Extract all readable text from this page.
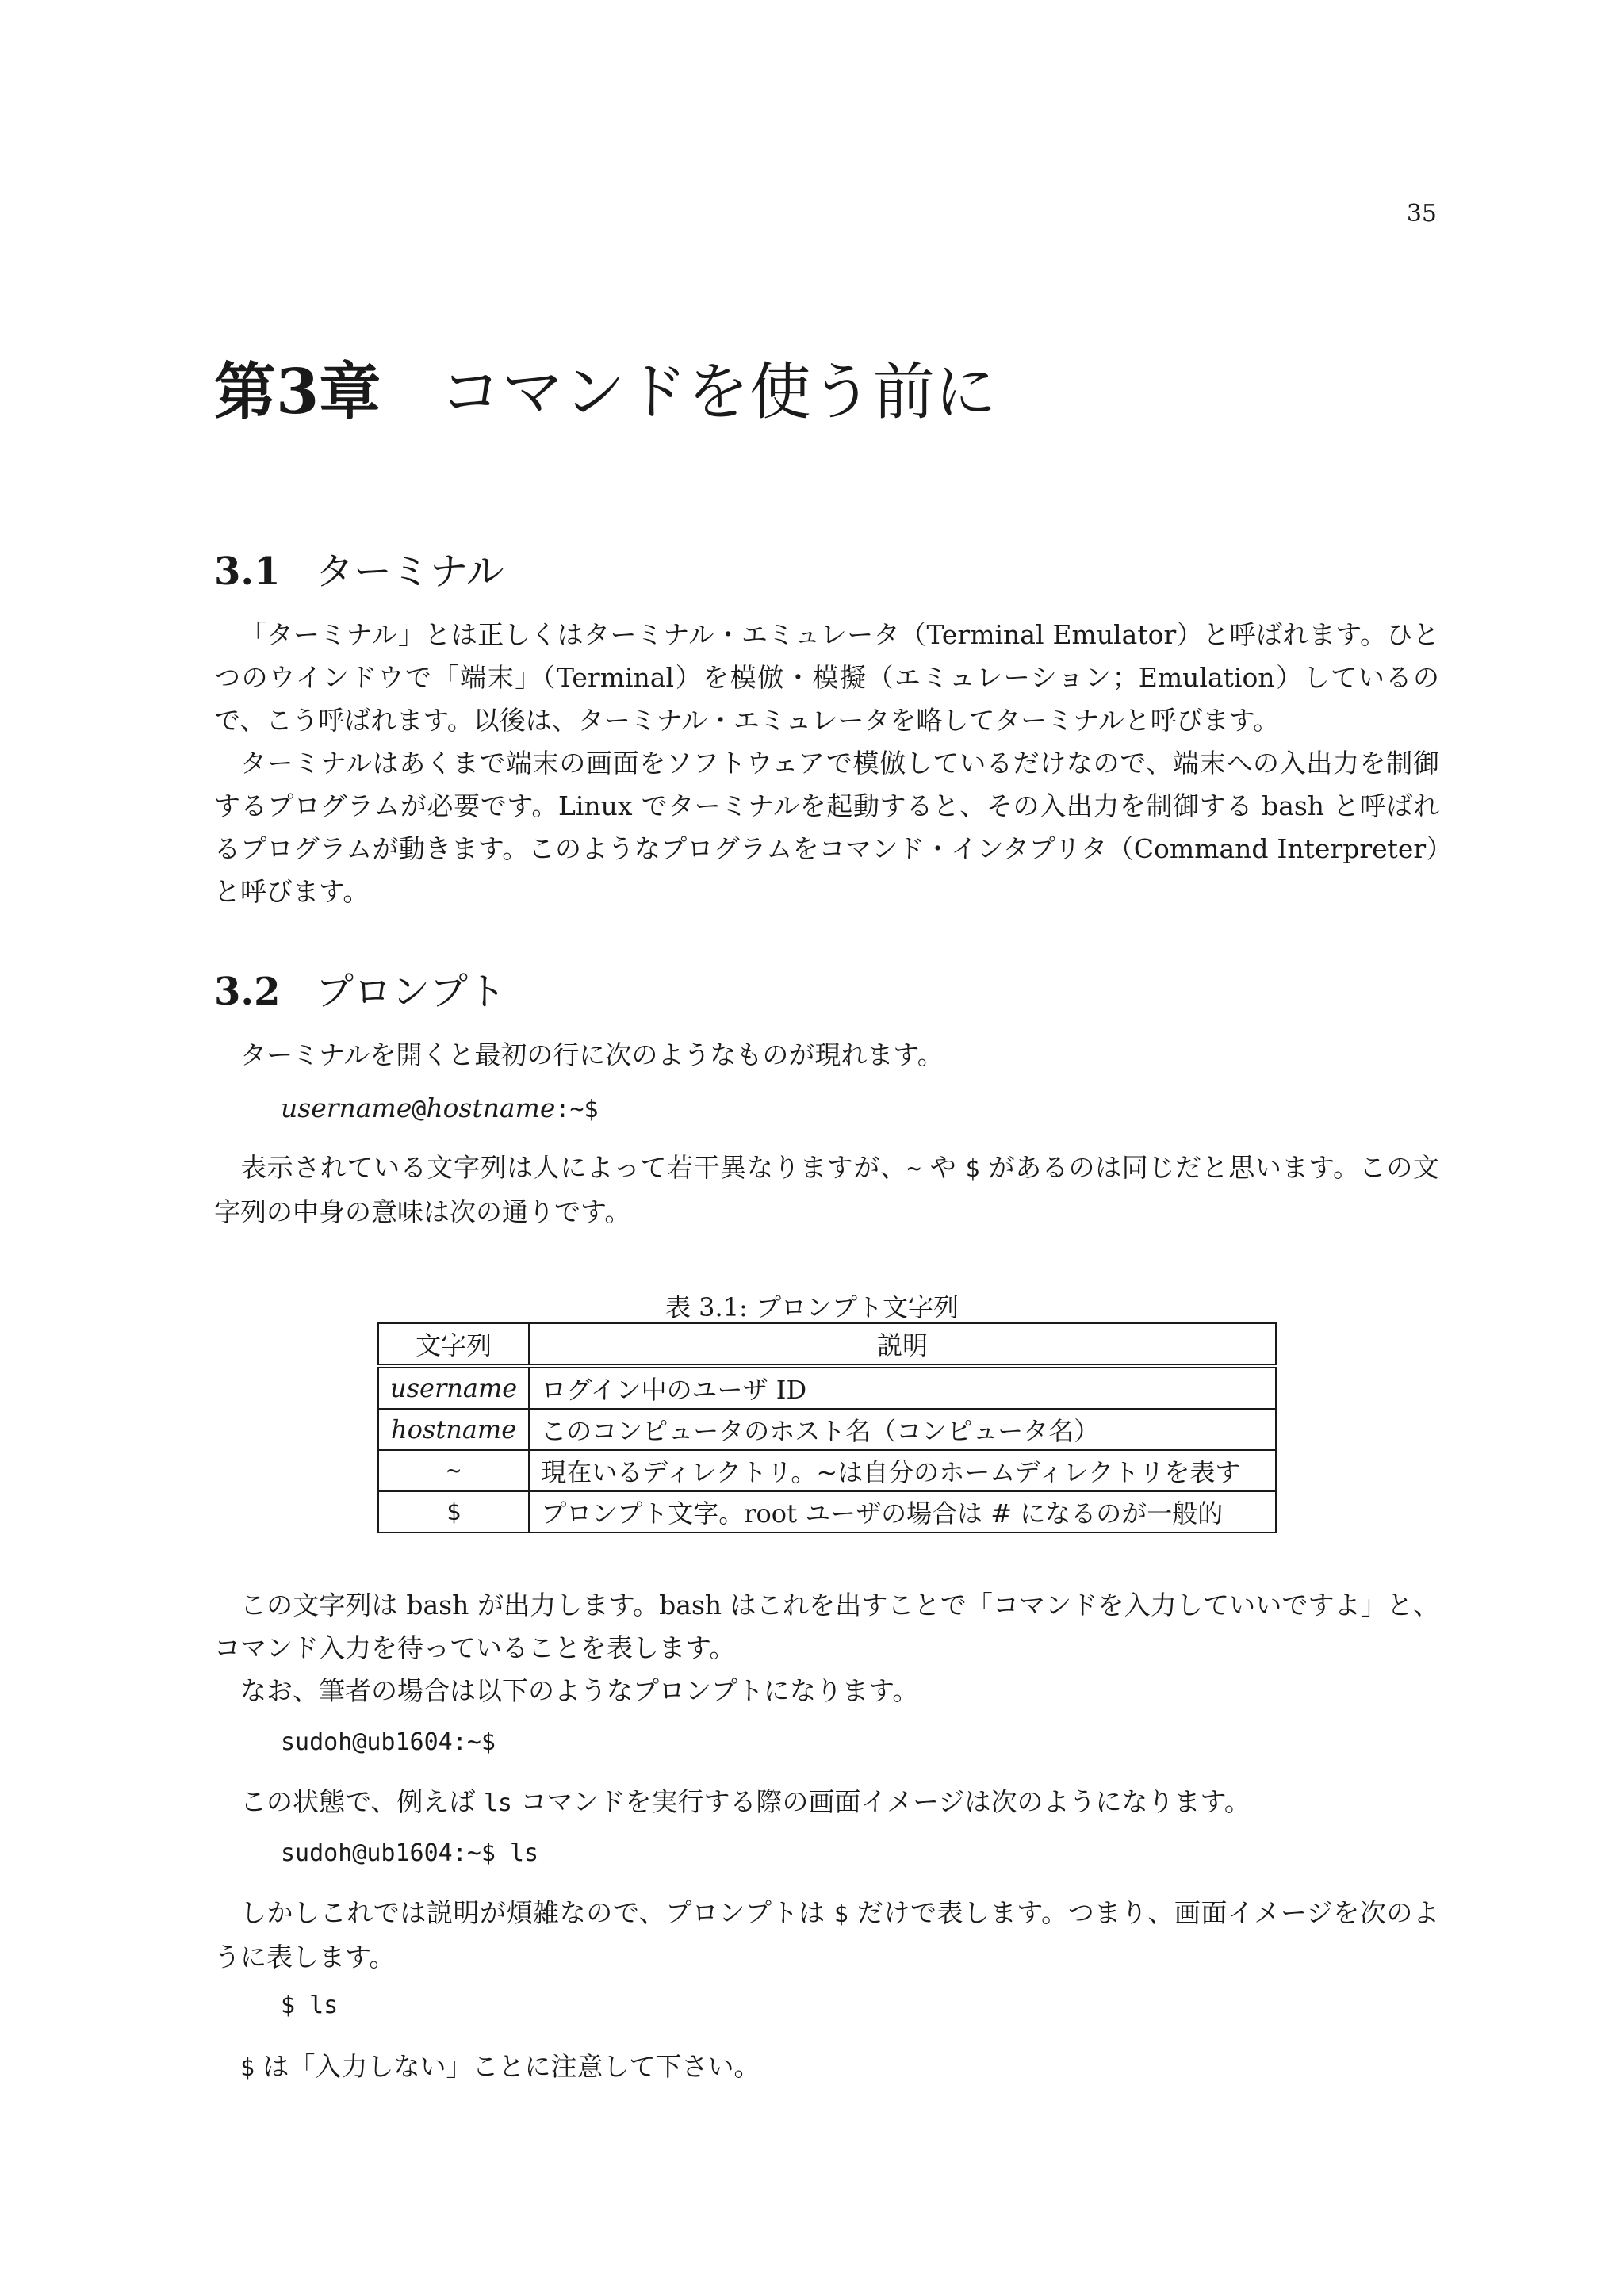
35
第3章 コマンドを使う前に
3.1 ターミナル

「ターミナル」とは正しくはターミナル・エミュレータ（Terminal Emulator）と呼ばれます。ひとつのウインドウで「端末」（Terminal）を模倣・模擬（エミュレーション；Emulation）しているので、こう呼ばれます。以後は、ターミナル・エミュレータを略してターミナルと呼びます。

ターミナルはあくまで端末の画面をソフトウェアで模倣しているだけなので、端末への入出力を制御するプログラムが必要です。Linux でターミナルを起動すると、その入出力を制御する bash と呼ばれるプログラムが動きます。このようなプログラムをコマンド・インタプリタ（Command Interpreter）と呼びます。

3.2 プロンプト

ターミナルを開くと最初の行に次のようなものが現れます。

username@hostname:~$

表示されている文字列は人によって若干異なりますが、~ や $ があるのは同じだと思います。この文字列の中身の意味は次の通りです。

表 3.1: プロンプト文字列
文字列	説明
username	ログイン中のユーザ ID
hostname	このコンピュータのホスト名（コンピュータ名）
~	現在いるディレクトリ。~は自分のホームディレクトリを表す
$	プロンプト文字。root ユーザの場合は # になるのが一般的

この文字列は bash が出力します。bash はこれを出すことで「コマンドを入力していいですよ」と、コマンド入力を待っていることを表します。

なお、筆者の場合は以下のようなプロンプトになります。

sudoh@ub1604:~$

この状態で、例えば ls コマンドを実行する際の画面イメージは次のようになります。

sudoh@ub1604:~$ ls

しかしこれでは説明が煩雑なので、プロンプトは $ だけで表します。つまり、画面イメージを次のように表します。

$ ls

$ は「入力しない」ことに注意して下さい。
